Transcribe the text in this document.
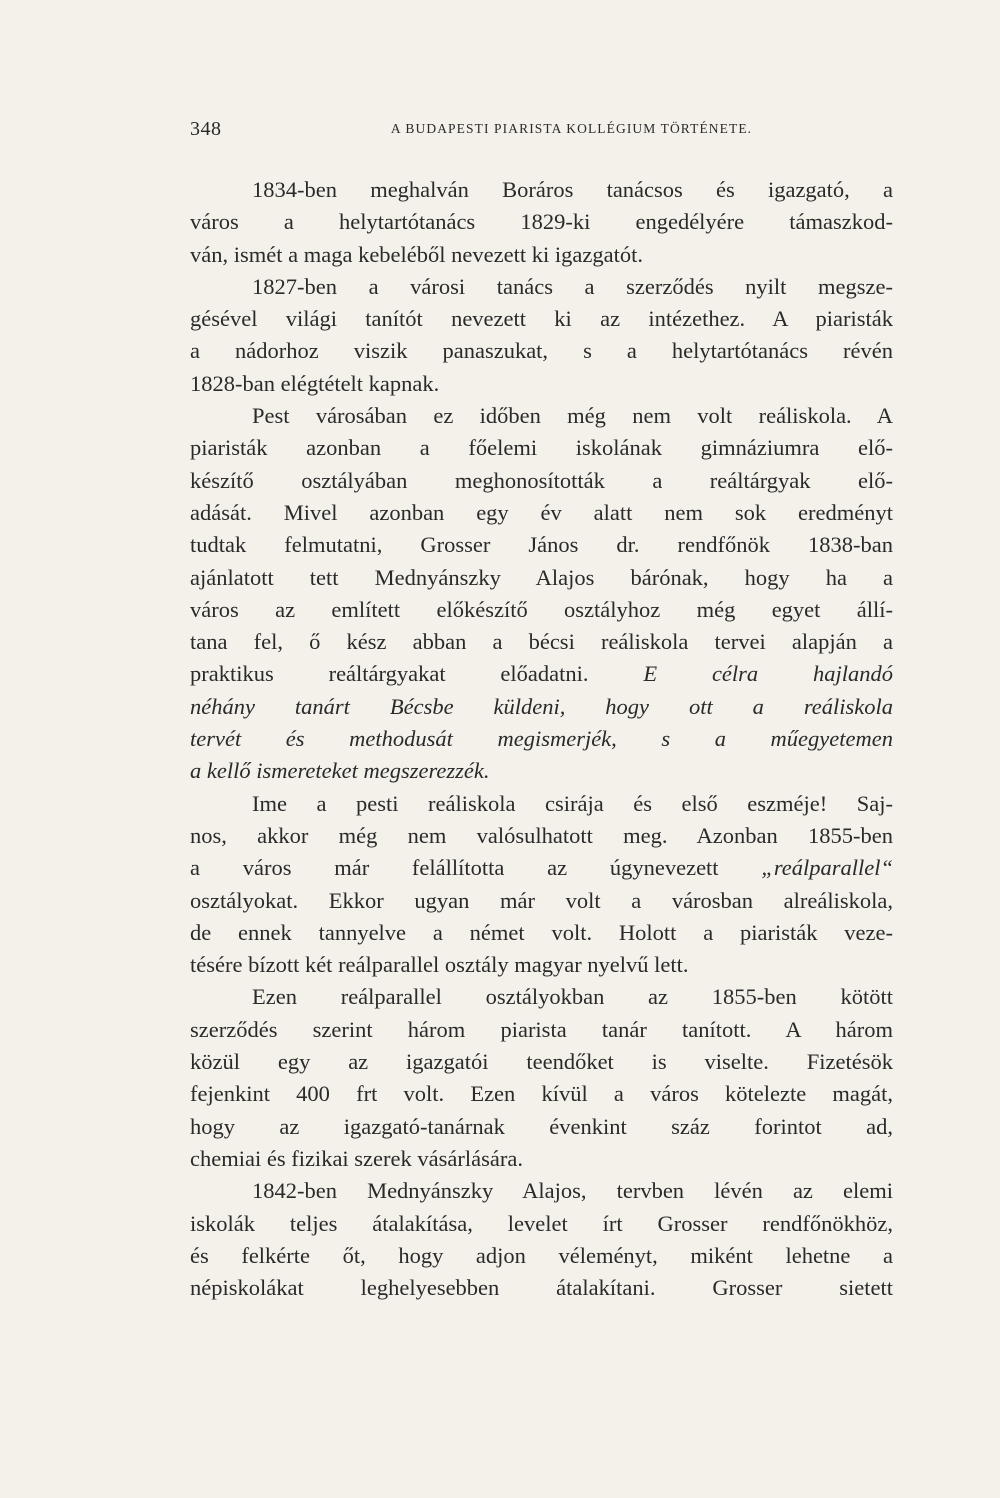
348	A BUDAPESTI PIARISTA KOLLÉGIUM TÖRTÉNETE.
1834-ben meghalván Boráros tanácsos és igazgató, a
város a helytartótanács 1829-ki engedélyére támaszkod-
ván, ismét a maga kebeléből nevezett ki igazgatót.
1827-ben a városi tanács a szerződés nyilt megsze-
gésével világi tanítót nevezett ki az intézethez. A piaristák
a nádorhoz viszik panaszukat, s a helytartótanács révén
1828-ban elégtételt kapnak.
Pest városában ez időben még nem volt reáliskola. A
piaristák azonban a főelemi iskolának gimnáziumra elő-
készítő osztályában meghonosították a reáltárgyak elő-
adását. Mivel azonban egy év alatt nem sok eredményt
tudtak felmutatni, Grosser János dr. rendfőnök 1838-ban
ajánlatott tett Mednyánszky Alajos bárónak, hogy ha a
város az említett előkészítő osztályhoz még egyet állí-
tana fel, ő kész abban a bécsi reáliskola tervei alapján a
praktikus reáltárgyakat előadatni. E célra hajlandó
néhány tanárt Bécsbe küldeni, hogy ott a reáliskola
tervét és methodusát megismerjék, s a műegyetemen
a kellő ismereteket megszerezzék.
Ime a pesti reáliskola csirája és első eszméje! Saj-
nos, akkor még nem valósulhatott meg. Azonban 1855-ben
a város már felállította az úgynevezett „reálparallel“
osztályokat. Ekkor ugyan már volt a városban alreáliskola,
de ennek tannyelve a német volt. Holott a piaristák veze-
tésére bízott két reálparallel osztály magyar nyelvű lett.
Ezen reálparallel osztályokban az 1855-ben kötött
szerződés szerint három piarista tanár tanított. A három
közül egy az igazgatói teendőket is viselte. Fizetésök
fejenkint 400 frt volt. Ezen kívül a város kötelezte magát,
hogy az igazgató-tanárnak évenkint száz forintot ad,
chemiai és fizikai szerek vásárlására.
1842-ben Mednyánszky Alajos, tervben lévén az elemi
iskolák teljes átalakítása, levelet írt Grosser rendfőnökhöz,
és felkérte őt, hogy adjon véleményt, miként lehetne a
népiskolákat leghelyesebben átalakítani. Grosser sietett
